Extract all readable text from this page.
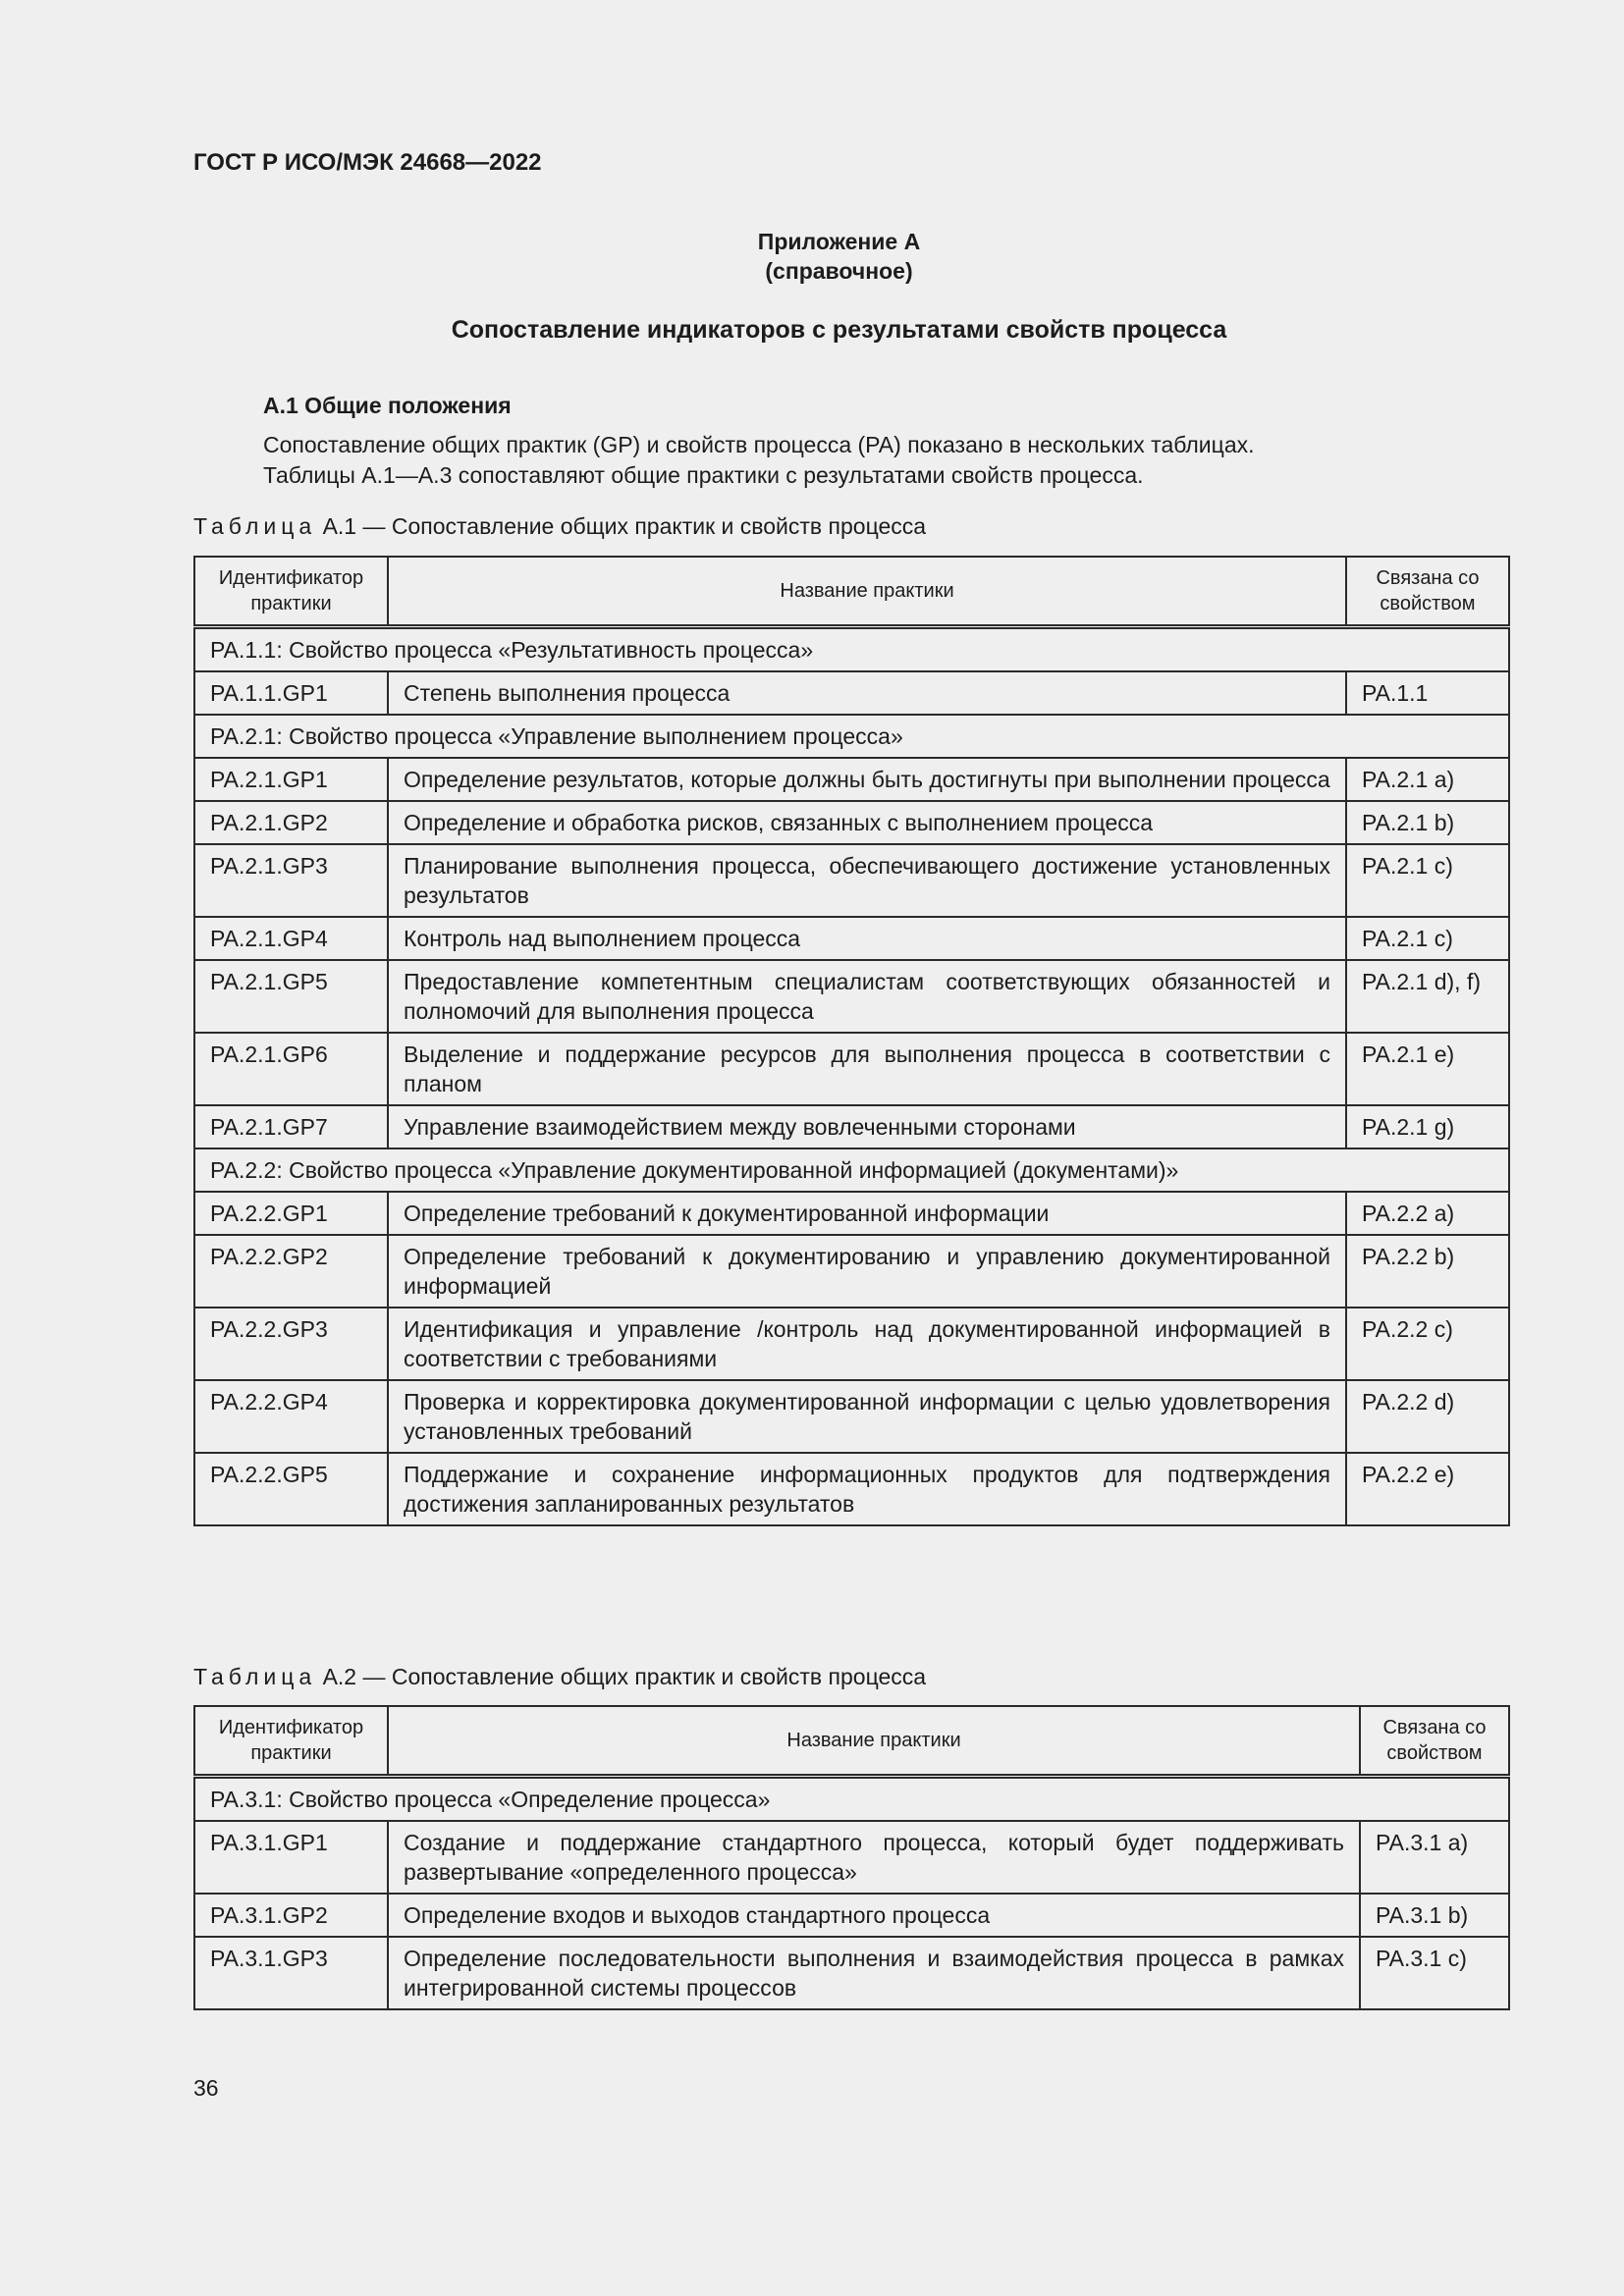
ГОСТ Р ИСО/МЭК 24668—2022
Приложение А
(справочное)
Сопоставление индикаторов с результатами свойств процесса
А.1 Общие положения
Сопоставление общих практик (GP) и свойств процесса (PA) показано в нескольких таблицах.
Таблицы А.1—А.3 сопоставляют общие практики с результатами свойств процесса.
Таблица А.1 — Сопоставление общих практик и свойств процесса
Идентификатор практики	Название практики	Связана со свойством
PA.1.1: Свойство процесса «Результативность процесса»		
PA.1.1.GP1	Степень выполнения процесса	PA.1.1
PA.2.1: Свойство процесса «Управление выполнением процесса»		
PA.2.1.GP1	Определение результатов, которые должны быть достигнуты при выполнении процесса	PA.2.1 a)
PA.2.1.GP2	Определение и обработка рисков, связанных с выполнением процесса	PA.2.1 b)
PA.2.1.GP3	Планирование выполнения процесса, обеспечивающего достижение установленных результатов	PA.2.1 c)
PA.2.1.GP4	Контроль над выполнением процесса	PA.2.1 c)
PA.2.1.GP5	Предоставление компетентным специалистам соответствующих обязанностей и полномочий для выполнения процесса	PA.2.1 d), f)
PA.2.1.GP6	Выделение и поддержание ресурсов для выполнения процесса в соответствии с планом	PA.2.1 e)
PA.2.1.GP7	Управление взаимодействием между вовлеченными сторонами	PA.2.1 g)
PA.2.2: Свойство процесса «Управление документированной информацией (документами)»		
PA.2.2.GP1	Определение требований к документированной информации	PA.2.2 a)
PA.2.2.GP2	Определение требований к документированию и управлению документированной информацией	PA.2.2 b)
PA.2.2.GP3	Идентификация и управление /контроль над документированной информацией в соответствии с требованиями	PA.2.2 c)
PA.2.2.GP4	Проверка и корректировка документированной информации с целью удовлетворения установленных требований	PA.2.2 d)
PA.2.2.GP5	Поддержание и сохранение информационных продуктов для подтверждения достижения запланированных результатов	PA.2.2 e)
Таблица А.2 — Сопоставление общих практик и свойств процесса
Идентификатор практики	Название практики	Связана со свойством
PA.3.1: Свойство процесса «Определение процесса»		
PA.3.1.GP1	Создание и поддержание стандартного процесса, который будет поддерживать развертывание «определенного процесса»	PA.3.1 a)
PA.3.1.GP2	Определение входов и выходов стандартного процесса	PA.3.1 b)
PA.3.1.GP3	Определение последовательности выполнения и взаимодействия процесса в рамках интегрированной системы процессов	PA.3.1 c)
36
